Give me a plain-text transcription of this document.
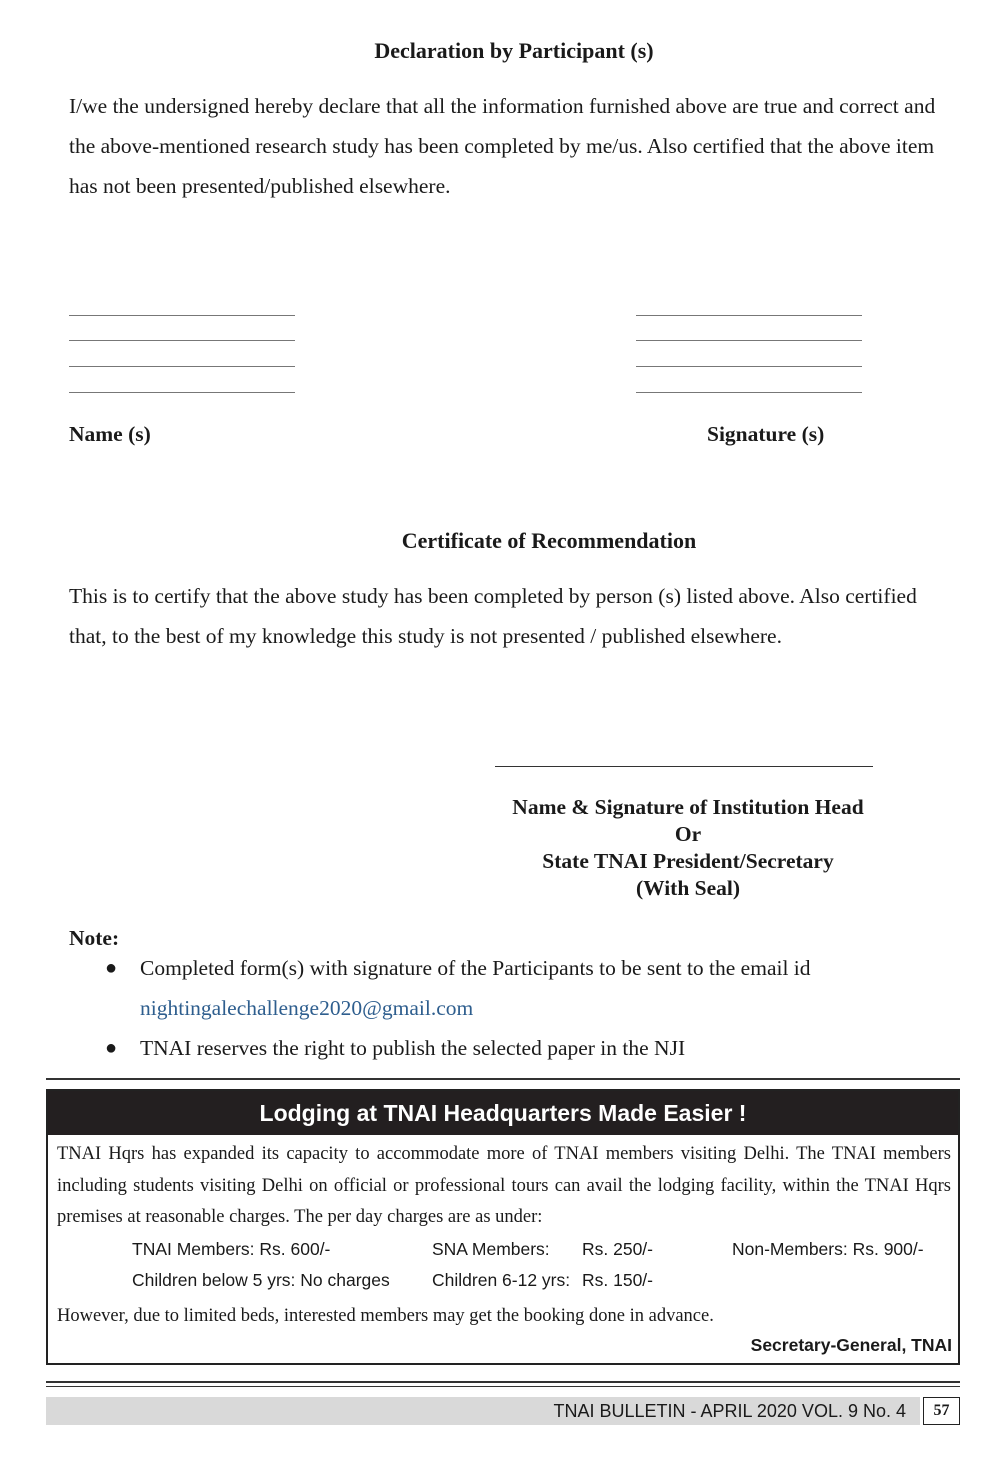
Declaration by Participant (s)
I/we the undersigned hereby declare that all the information furnished above are true and correct and the above-mentioned research study has been completed by me/us. Also certified that the above item has not been presented/published elsewhere.
Name (s)	Signature (s)
Certificate of Recommendation
This is to certify that the above study has been completed by person (s) listed above. Also certified that, to the best of my knowledge this study is not presented / published elsewhere.
Name & Signature of Institution Head
Or
State TNAI President/Secretary
(With Seal)
Note:
● Completed form(s) with signature of the Participants to be sent to the email id
nightingalechallenge2020@gmail.com
● TNAI reserves the right to publish the selected paper in the NJI
Lodging at TNAI Headquarters Made Easier !
TNAI Hqrs has expanded its capacity to accommodate more of TNAI members visiting Delhi. The TNAI members including students visiting Delhi on official or professional tours can avail the lodging facility, within the TNAI Hqrs premises at reasonable charges. The per day charges are as under:
TNAI Members: Rs. 600/-	SNA Members: Rs. 250/-	Non-Members: Rs. 900/-
Children below 5 yrs: No charges Children 6-12 yrs: Rs. 150/-
However, due to limited beds, interested members may get the booking done in advance.
Secretary-General, TNAI
TNAI BULLETIN - APRIL 2020 VOL. 9 No. 4	57
